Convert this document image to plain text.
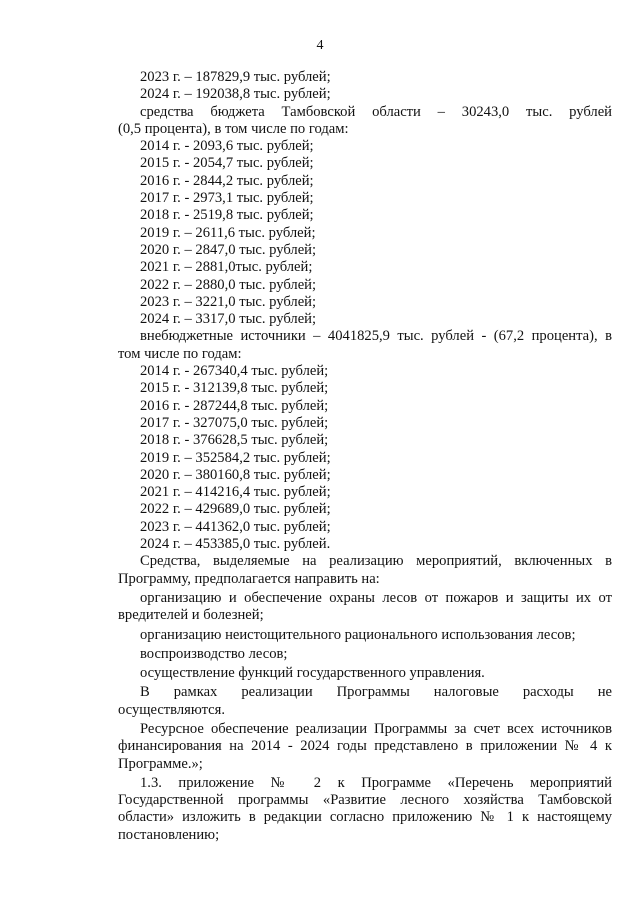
4
2023 г. – 187829,9 тыс. рублей;
2024 г. – 192038,8 тыс. рублей;
средства бюджета Тамбовской области – 30243,0 тыс. рублей
(0,5 процента), в том числе по годам:
2014 г. - 2093,6 тыс. рублей;
2015 г. - 2054,7 тыс. рублей;
2016 г. - 2844,2 тыс. рублей;
2017 г. - 2973,1 тыс. рублей;
2018 г. - 2519,8 тыс. рублей;
2019 г. – 2611,6 тыс. рублей;
2020 г. – 2847,0 тыс. рублей;
2021 г. – 2881,0тыс. рублей;
2022 г. – 2880,0 тыс. рублей;
2023 г. – 3221,0 тыс. рублей;
2024 г. – 3317,0 тыс. рублей;
внебюджетные источники – 4041825,9 тыс. рублей - (67,2 процента), в
том числе по годам:
2014 г. - 267340,4 тыс. рублей;
2015 г. - 312139,8 тыс. рублей;
2016 г. - 287244,8 тыс. рублей;
2017 г. - 327075,0 тыс. рублей;
2018 г. - 376628,5 тыс. рублей;
2019 г. – 352584,2 тыс. рублей;
2020 г. – 380160,8 тыс. рублей;
2021 г. – 414216,4 тыс. рублей;
2022 г. – 429689,0 тыс. рублей;
2023 г. – 441362,0 тыс. рублей;
2024 г. – 453385,0 тыс. рублей.
Средства, выделяемые на реализацию мероприятий, включенных в
Программу, предполагается направить на:
организацию и обеспечение охраны лесов от пожаров и защиты их от
вредителей и болезней;
организацию неистощительного рационального использования лесов;
воспроизводство лесов;
осуществление функций государственного управления.
В рамках реализации Программы налоговые расходы не
осуществляются.
Ресурсное обеспечение реализации Программы за счет всех источников
финансирования на 2014 - 2024 годы представлено в приложении № 4 к
Программе.»;
1.3. приложение № 2 к Программе «Перечень мероприятий
Государственной программы «Развитие лесного хозяйства Тамбовской
области» изложить в редакции согласно приложению № 1 к настоящему
постановлению;
